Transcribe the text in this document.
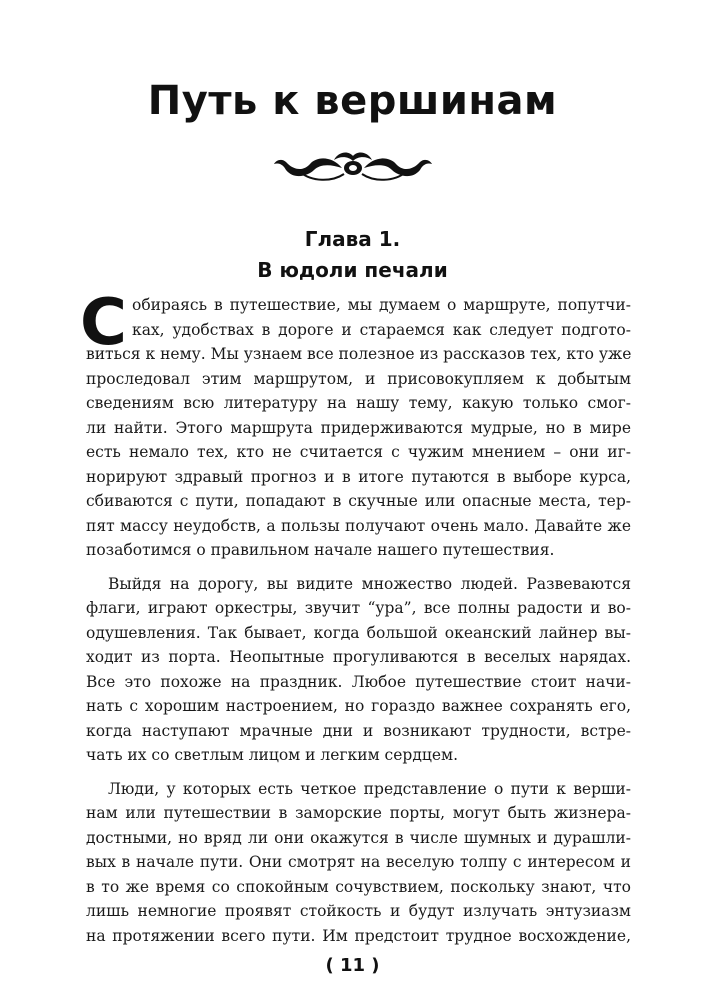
Путь к вершинам
Глава 1.
В юдоли печали
С обираясь в путешествие, мы думаем о маршруте, попутчи-
ках, удобствах в дороге и стараемся как следует подгото-
виться к нему. Мы узнаем все полезное из рассказов тех, кто уже
проследовал этим маршрутом, и присовокупляем к добытым
сведениям всю литературу на нашу тему, какую только смог-
ли найти. Этого маршрута придерживаются мудрые, но в мире
есть немало тех, кто не считается с чужим мнением – они иг-
норируют здравый прогноз и в итоге путаются в выборе курса,
сбиваются с пути, попадают в скучные или опасные места, тер-
пят массу неудобств, а пользы получают очень мало. Давайте же
позаботимся о правильном начале нашего путешествия.
Выйдя на дорогу, вы видите множество людей. Развеваются
флаги, играют оркестры, звучит “ура”, все полны радости и во-
одушевления. Так бывает, когда большой океанский лайнер вы-
ходит из порта. Неопытные прогуливаются в веселых нарядах.
Все это похоже на праздник. Любое путешествие стоит начи-
нать с хорошим настроением, но гораздо важнее сохранять его,
когда наступают мрачные дни и возникают трудности, встре-
чать их со светлым лицом и легким сердцем.
Люди, у которых есть четкое представление о пути к верши-
нам или путешествии в заморские порты, могут быть жизнера-
достными, но вряд ли они окажутся в числе шумных и дурашли-
вых в начале пути. Они смотрят на веселую толпу с интересом и
в то же время со спокойным сочувствием, поскольку знают, что
лишь немногие проявят стойкость и будут излучать энтузиазм
на протяжении всего пути. Им предстоит трудное восхождение,
( 11 )
